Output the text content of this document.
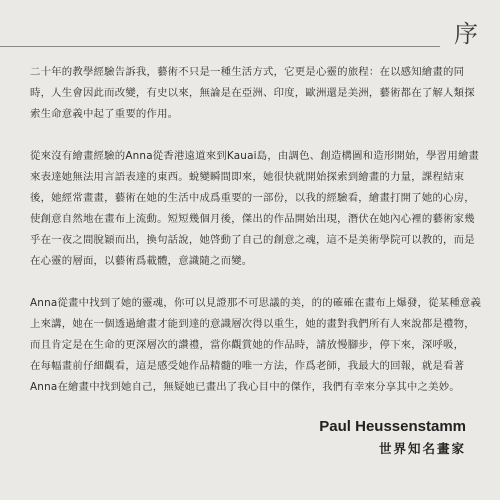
序

二十年的教學經驗告訴我，藝術不只是一種生活方式，它更是心靈的旅程：在以感知繪畫的同

時，人生會因此而改變，有史以來，無論是在亞洲、印度，歐洲還是美洲，藝術都在了解人類探

索生命意義中起了重要的作用。

從來沒有繪畫經驗的Anna從香港遠道來到Kauai島，由調色、創造構圖和造形開始，學習用繪畫

來表達她無法用言語表達的東西。蛻變瞬間即來，她很快就開始探索到繪畫的力量，課程結束

後，她經常畫畫，藝術在她的生活中成爲重要的一部份，以我的經驗看，繪畫打開了她的心房，

使創意自然地在畫布上流動。短短幾個月後，傑出的作品開始出現，潛伏在她內心裡的藝術家幾

乎在一夜之間脫穎而出，換句話說，她啓動了自己的創意之魂，這不是美術學院可以教的，而是

在心靈的層面，以藝術爲載體，意識隨之而變。

Anna從畫中找到了她的靈魂，你可以見證那不可思議的美，的的確確在畫布上爆發，從某種意義

上來講，她在一個透過繪畫才能到達的意識層次得以重生，她的畫對我們所有人來說都是禮物，

而且肯定是在生命的更深層次的讚禮，當你觀賞她的作品時，請放慢腳步，停下來，深呼吸，

在每幅畫前仔細觀看，這是感受她作品精髓的唯一方法，作爲老師，我最大的回報，就是看著

Anna在繪畫中找到她自己，無疑她已畫出了我心目中的傑作，我們有幸來分享其中之美妙。

Paul Heussenstamm
世界知名畫家
